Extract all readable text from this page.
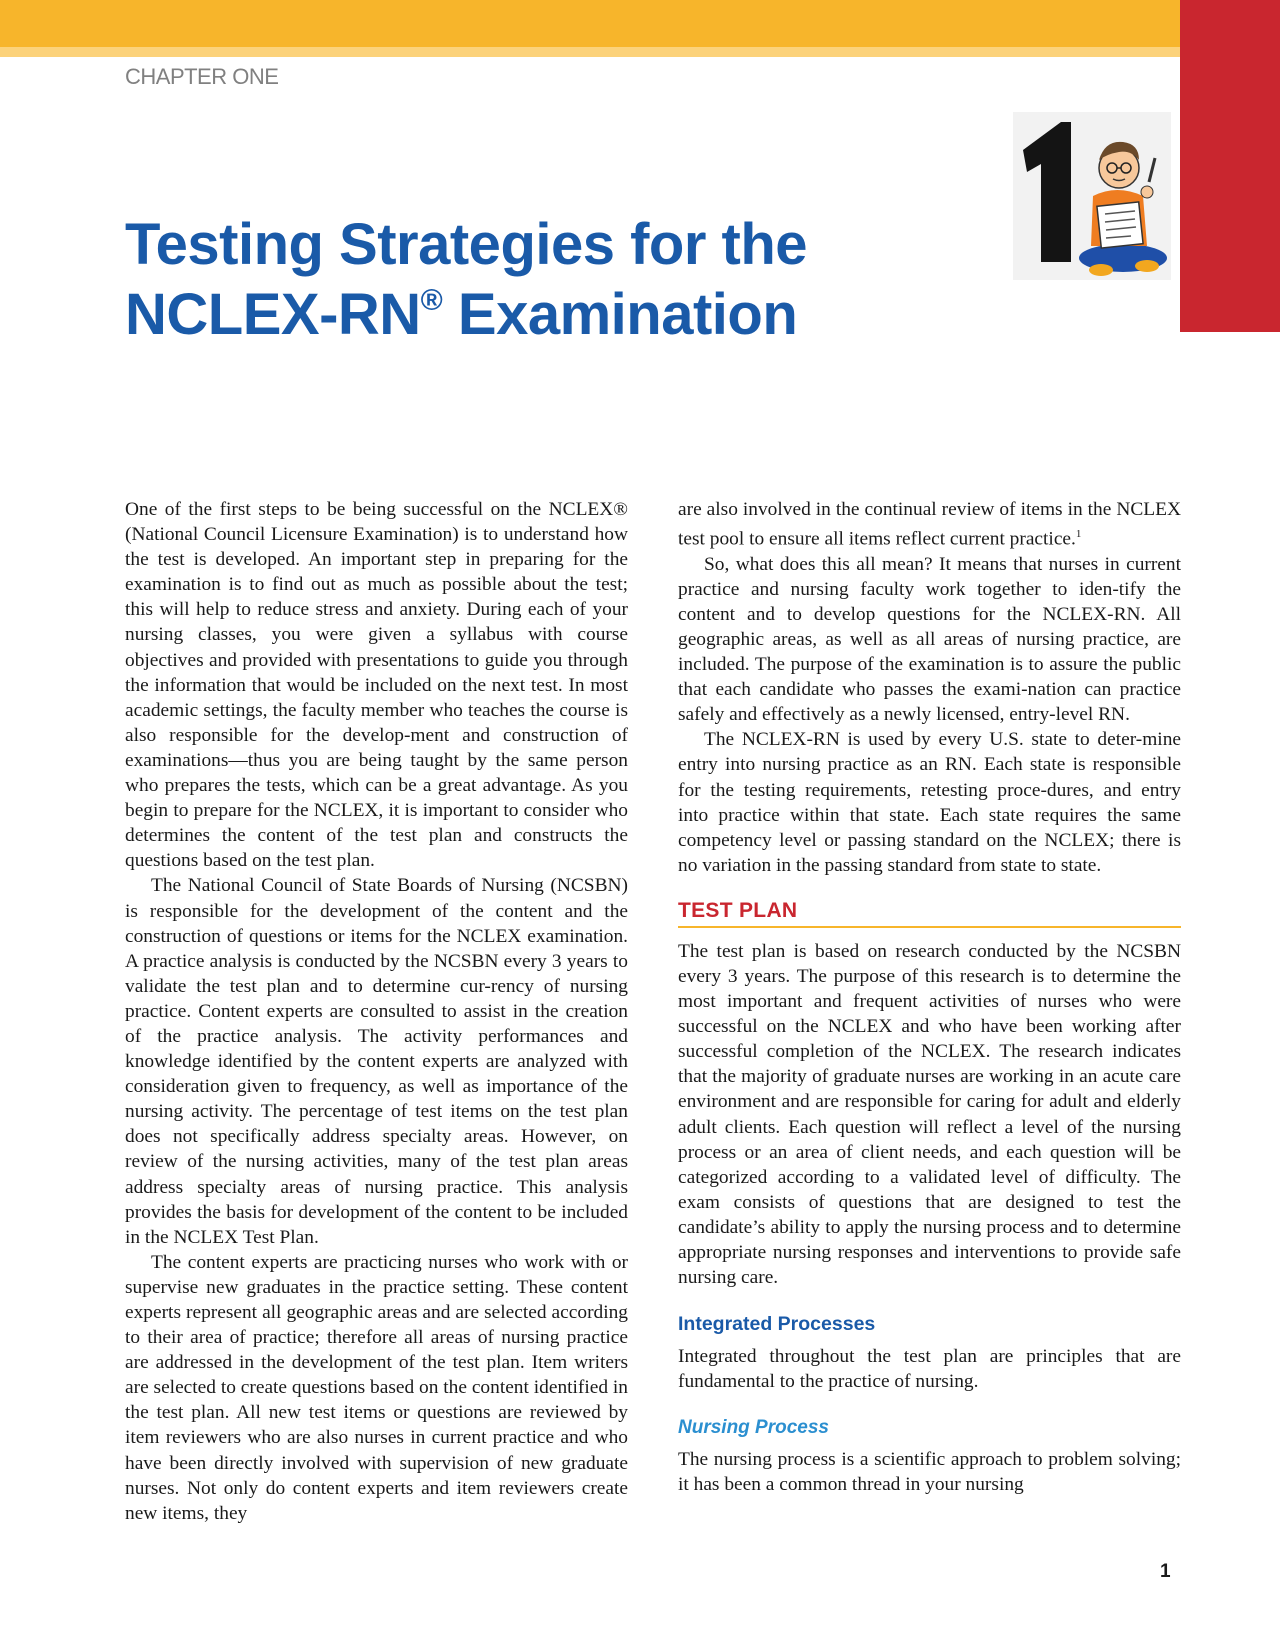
CHAPTER ONE
Testing Strategies for the
NCLEX-RN® Examination

One of the first steps to be being successful on the NCLEX® (National Council Licensure Examination) is to understand how the test is developed. An important step in preparing for the examination is to find out as much as possible about the test; this will help to reduce stress and anxiety. During each of your nursing classes, you were given a syllabus with course objectives and provided with presentations to guide you through the information that would be included on the next test. In most academic settings, the faculty member who teaches the course is also responsible for the develop-ment and construction of examinations—thus you are being taught by the same person who prepares the tests, which can be a great advantage. As you begin to prepare for the NCLEX, it is important to consider who determines the content of the test plan and constructs the questions based on the test plan.

The National Council of State Boards of Nursing (NCSBN) is responsible for the development of the content and the construction of questions or items for the NCLEX examination. A practice analysis is conducted by the NCSBN every 3 years to validate the test plan and to determine cur-rency of nursing practice. Content experts are consulted to assist in the creation of the practice analysis. The activity performances and knowledge identified by the content experts are analyzed with consideration given to frequency, as well as importance of the nursing activity. The percentage of test items on the test plan does not specifically address specialty areas. However, on review of the nursing activities, many of the test plan areas address specialty areas of nursing practice. This analysis provides the basis for development of the content to be included in the NCLEX Test Plan.

The content experts are practicing nurses who work with or supervise new graduates in the practice setting. These content experts represent all geographic areas and are selected according to their area of practice; therefore all areas of nursing practice are addressed in the development of the test plan. Item writers are selected to create questions based on the content identified in the test plan. All new test items or questions are reviewed by item reviewers who are also nurses in current practice and who have been directly involved with supervision of new graduate nurses. Not only do content experts and item reviewers create new items, they

are also involved in the continual review of items in the NCLEX test pool to ensure all items reflect current practice.$^1$

So, what does this all mean? It means that nurses in current practice and nursing faculty work together to iden-tify the content and to develop questions for the NCLEX-RN. All geographic areas, as well as all areas of nursing practice, are included. The purpose of the examination is to assure the public that each candidate who passes the exami-nation can practice safely and effectively as a newly licensed, entry-level RN.

The NCLEX-RN is used by every U.S. state to deter-mine entry into nursing practice as an RN. Each state is responsible for the testing requirements, retesting proce-dures, and entry into practice within that state. Each state requires the same competency level or passing standard on the NCLEX; there is no variation in the passing standard from state to state.

TEST PLAN

The test plan is based on research conducted by the NCSBN every 3 years. The purpose of this research is to determine the most important and frequent activities of nurses who were successful on the NCLEX and who have been working after successful completion of the NCLEX. The research indicates that the majority of graduate nurses are working in an acute care environment and are responsible for caring for adult and elderly adult clients. Each question will reflect a level of the nursing process or an area of client needs, and each question will be categorized according to a validated level of difficulty. The exam consists of questions that are designed to test the candidate’s ability to apply the nursing process and to determine appropriate nursing responses and interventions to provide safe nursing care.

Integrated Processes

Integrated throughout the test plan are principles that are fundamental to the practice of nursing.

Nursing Process

The nursing process is a scientific approach to problem solving; it has been a common thread in your nursing

1
